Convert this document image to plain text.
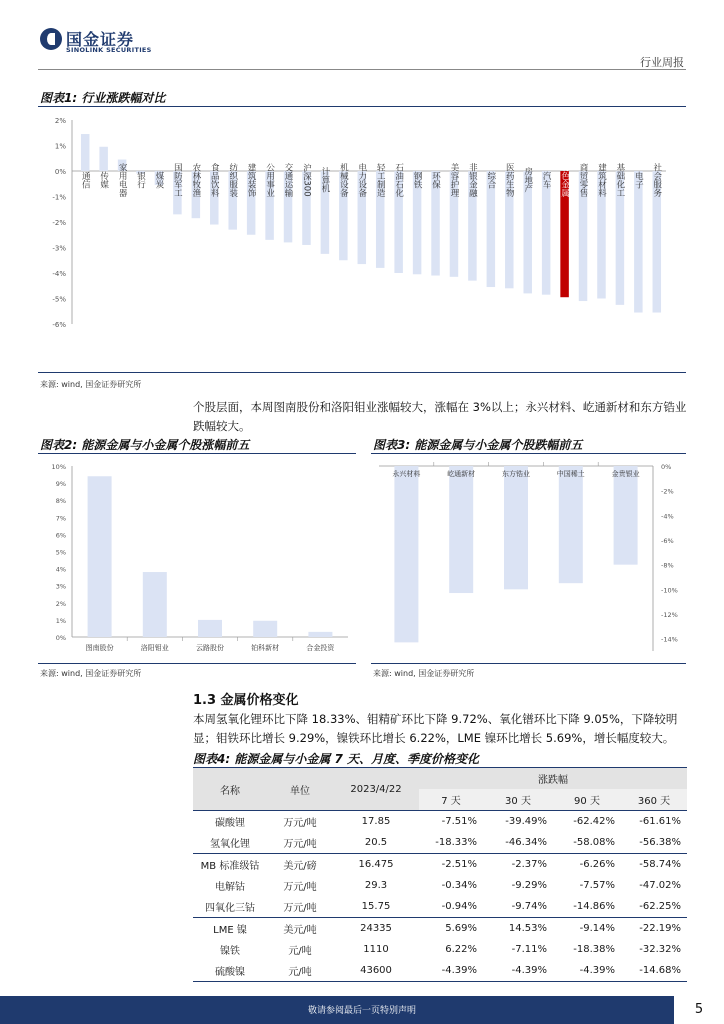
国金证券
SINOLINK SECURITIES
行业周报
图表1: 行业涨跌幅对比
2%
1%
0%
-1%
-2%
-3%
-4%
-5%
-6%
通信 传媒 家用电器 银行 煤炭 国防军工 农林牧渔 食品饮料 纺织服装 建筑装饰 公用事业 交通运输 沪深300 计算机 机械设备 电力设备 轻工制造 石油石化 钢铁 环保 美容护理 非银金融 综合 医药生物 房地产 汽车 有色金属 商贸零售 建筑材料 基础化工 电子 社会服务
来源: wind, 国金证券研究所
个股层面，本周图南股份和洛阳钼业涨幅较大，涨幅在 3%以上；永兴材料、屹通新材和东方锆业跌幅较大。
图表2: 能源金属与小金属个股涨幅前五
10%
9%
8%
7%
6%
5%
4%
3%
2%
1%
0%
图南股份	洛阳钼业	云路股份	铂科新材	合金投资
来源: wind, 国金证券研究所
图表3: 能源金属与小金属个股跌幅前五
0%
-2%
-4%
-6%
-8%
-10%
-12%
-14%
永兴材料	屹通新材	东方锆业	中国稀土	金贵银业
来源: wind, 国金证券研究所
1.3 金属价格变化
本周氢氧化锂环比下降 18.33%、钼精矿环比下降 9.72%、氧化镨环比下降 9.05%，下降较明显；钼铁环比增长 9.29%，镍铁环比增长 6.22%，LME 镍环比增长 5.69%，增长幅度较大。
图表4: 能源金属与小金属 7 天、月度、季度价格变化
名称	单位	2023/4/22	涨跌幅			
			7 天	30 天	90 天	360 天
碳酸锂	万元/吨	17.85	-7.51%	-39.49%	-62.42%	-61.61%
氢氧化锂	万元/吨	20.5	-18.33%	-46.34%	-58.08%	-56.38%
MB 标准级钴	美元/磅	16.475	-2.51%	-2.37%	-6.26%	-58.74%
电解钴	万元/吨	29.3	-0.34%	-9.29%	-7.57%	-47.02%
四氧化三钴	万元/吨	15.75	-0.94%	-9.74%	-14.86%	-62.25%
LME 镍	美元/吨	24335	5.69%	14.53%	-9.14%	-22.19%
镍铁	元/吨	1110	6.22%	-7.11%	-18.38%	-32.32%
硫酸镍	元/吨	43600	-4.39%	-4.39%	-4.39%	-14.68%
敬请参阅最后一页特别声明	5
